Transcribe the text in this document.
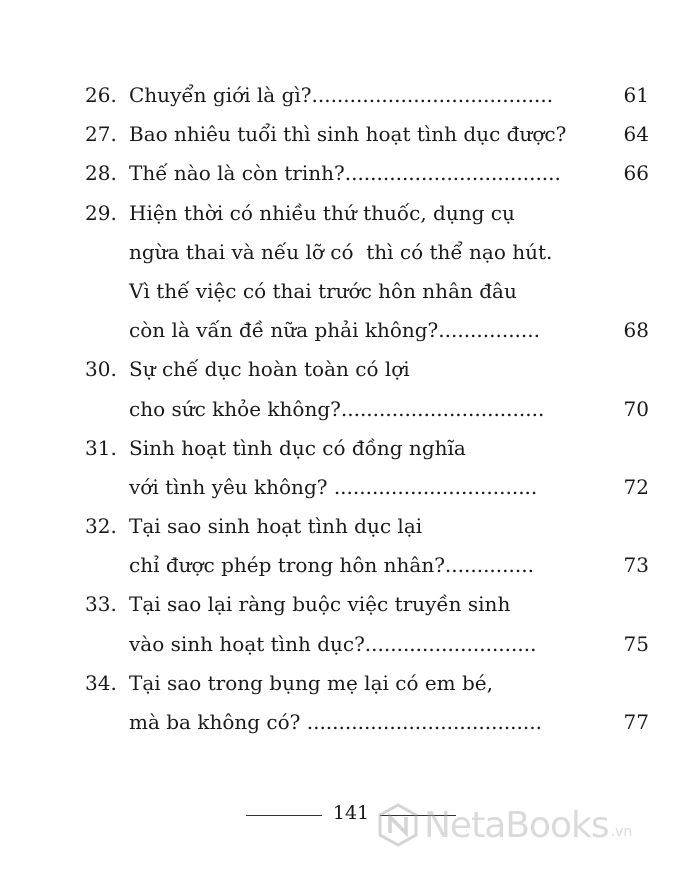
26. Chuyển giới là gì?......................................	61
27. Bao nhiêu tuổi thì sinh hoạt tình dục được?	64
28. Thế nào là còn trinh?..................................	66
29. Hiện thời có nhiều thứ thuốc, dụng cụ
ngừa thai và nếu lỡ có  thì có thể nạo hút.
Vì thế việc có thai trước hôn nhân đâu
còn là vấn đề nữa phải không?................	68
30. Sự chế dục hoàn toàn có lợi
cho sức khỏe không?................................	70
31. Sinh hoạt tình dục có đồng nghĩa
với tình yêu không? ................................	72
32. Tại sao sinh hoạt tình dục lại
chỉ được phép trong hôn nhân?..............	73
33. Tại sao lại ràng buộc việc truyền sinh
vào sinh hoạt tình dục?...........................	75
34. Tại sao trong bụng mẹ lại có em bé,
mà ba không có? .....................................	77
141 NetaBooks .vn
